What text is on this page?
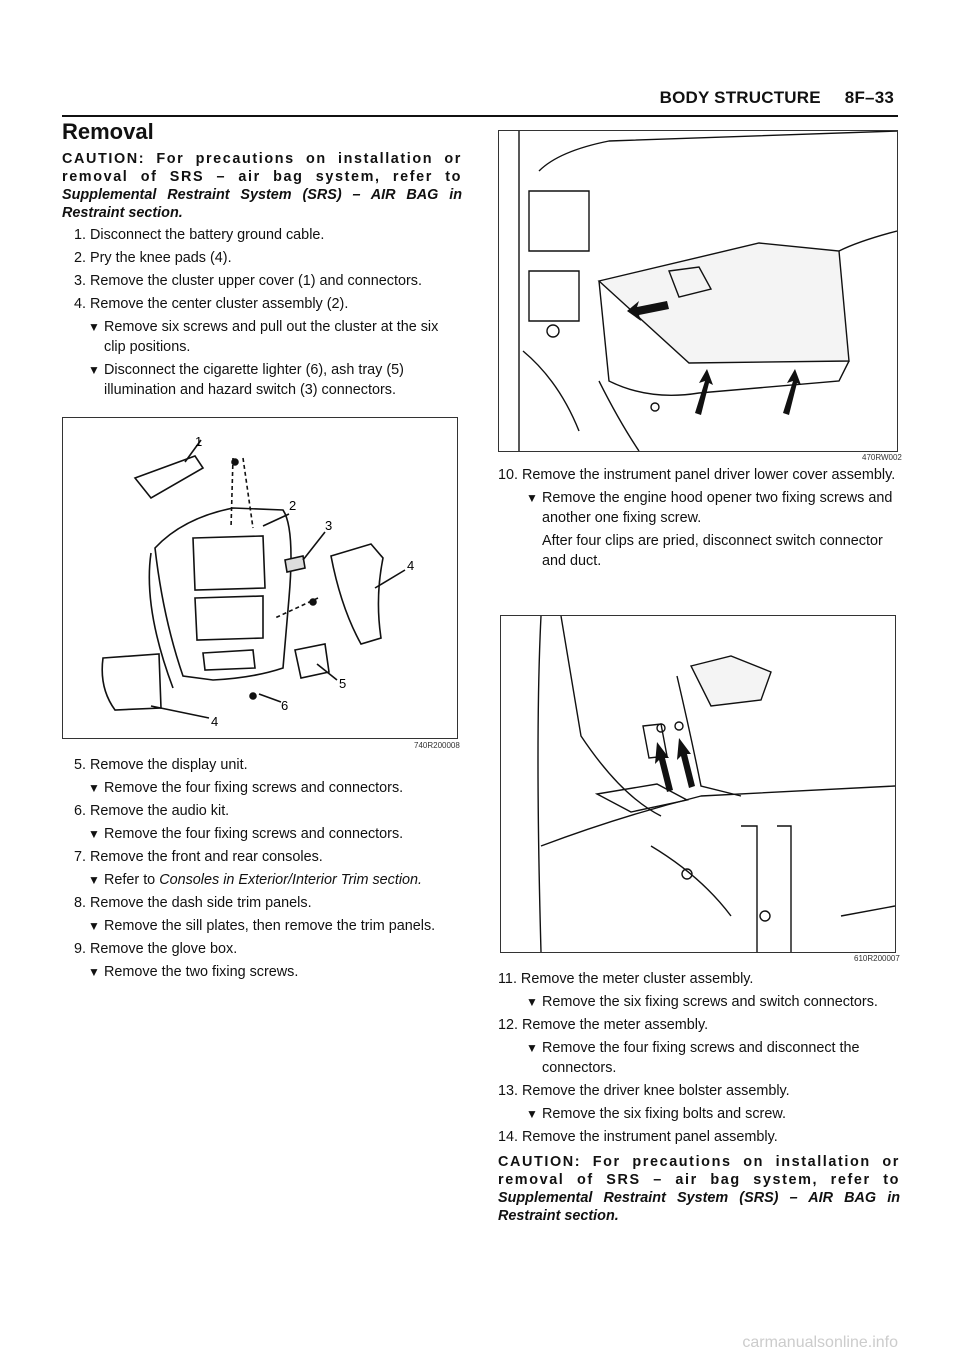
BODY STRUCTURE 8F–33
Removal

CAUTION: For precautions on installation or removal of SRS – air bag system, refer to Supplemental Restraint System (SRS) – AIR BAG in Restraint section.

1. Disconnect the battery ground cable.

2. Pry the knee pads (4).

3. Remove the cluster upper cover (1) and connectors.

4. Remove the center cluster assembly (2).

▼ Remove six screws and pull out the cluster at the six clip positions.

▼ Disconnect the cigarette lighter (6), ash tray (5) illumination and hazard switch (3) connectors.

1
2
3
4
5
6
4
740R200008

5. Remove the display unit.

▼ Remove the four fixing screws and connectors.

6. Remove the audio kit.

▼ Remove the four fixing screws and connectors.

7. Remove the front and rear consoles.

▼ Refer to Consoles in Exterior/Interior Trim section.

8. Remove the dash side trim panels.

▼ Remove the sill plates, then remove the trim panels.

9. Remove the glove box.

▼ Remove the two fixing screws.

470RW002

10. Remove the instrument panel driver lower cover assembly.

▼ Remove the engine hood opener two fixing screws and another one fixing screw.

After four clips are pried, disconnect switch connector and duct.

610R200007

11. Remove the meter cluster assembly.

▼ Remove the six fixing screws and switch connectors.

12. Remove the meter assembly.

▼ Remove the four fixing screws and disconnect the connectors.

13. Remove the driver knee bolster assembly.

▼ Remove the six fixing bolts and screw.

14. Remove the instrument panel assembly.

CAUTION: For precautions on installation or removal of SRS – air bag system, refer to Supplemental Restraint System (SRS) – AIR BAG in Restraint section.

carmanualsonline.info
